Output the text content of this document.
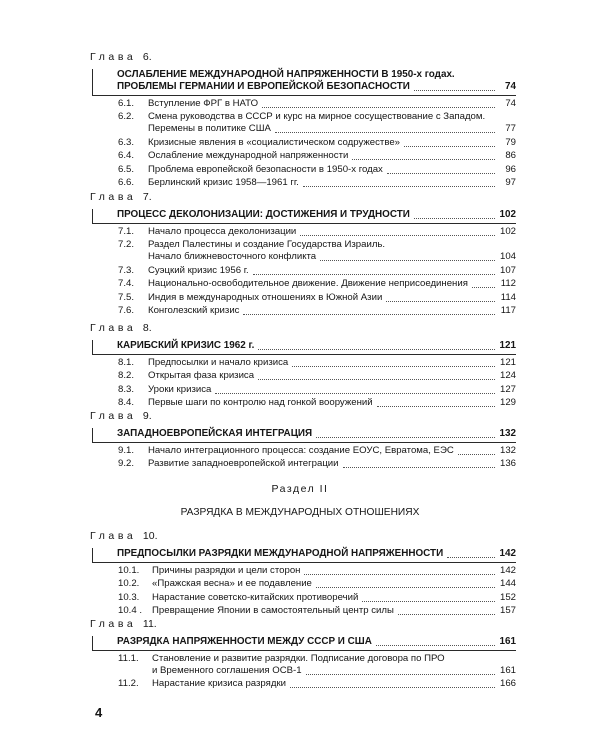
Глава 6.
ОСЛАБЛЕНИЕ МЕЖДУНАРОДНОЙ НАПРЯЖЕННОСТИ В 1950-х годах.
ПРОБЛЕМЫ ГЕРМАНИИ И ЕВРОПЕЙСКОЙ БЕЗОПАСНОСТИ	74
6.1.	Вступление ФРГ в НАТО	74
6.2.	Смена руководства в СССР и курс на мирное сосуществование с Западом.
Перемены в политике США	77
6.3.	Кризисные явления в «социалистическом содружестве»	79
6.4.	Ослабление международной напряженности	86
6.5.	Проблема европейской безопасности в 1950-х годах	96
6.6.	Берлинский кризис 1958—1961 гг.	97
Глава 7.
ПРОЦЕСС ДЕКОЛОНИЗАЦИИ: ДОСТИЖЕНИЯ И ТРУДНОСТИ	102
7.1.	Начало процесса деколонизации	102
7.2.	Раздел Палестины и создание Государства Израиль.
Начало ближневосточного конфликта	104
7.3.	Суэцкий кризис 1956 г.	107
7.4.	Национально-освободительное движение. Движение неприсоединения	112
7.5.	Индия в международных отношениях в Южной Азии	114
7.6.	Конголезский кризис	117
Глава 8.
КАРИБСКИЙ КРИЗИС 1962 г.	121
8.1.	Предпосылки и начало кризиса	121
8.2.	Открытая фаза кризиса	124
8.3.	Уроки кризиса	127
8.4.	Первые шаги по контролю над гонкой вооружений	129
Глава 9.
ЗАПАДНОЕВРОПЕЙСКАЯ ИНТЕГРАЦИЯ	132
9.1.	Начало интеграционного процесса: создание ЕОУС, Евратома, ЕЭС	132
9.2.	Развитие западноевропейской интеграции	136
Раздел II
РАЗРЯДКА В МЕЖДУНАРОДНЫХ ОТНОШЕНИЯХ
Глава 10.
ПРЕДПОСЫЛКИ РАЗРЯДКИ МЕЖДУНАРОДНОЙ НАПРЯЖЕННОСТИ	142
10.1.	Причины разрядки и цели сторон	142
10.2.	«Пражская весна» и ее подавление	144
10.3.	Нарастание советско-китайских противоречий	152
10.4 .	Превращение Японии в самостоятельный центр силы	157
Глава 11.
РАЗРЯДКА НАПРЯЖЕННОСТИ МЕЖДУ СССР И США	161
11.1.	Становление и развитие разрядки. Подписание договора по ПРО
и Временного соглашения ОСВ-1	161
11.2.	Нарастание кризиса разрядки	166
4
